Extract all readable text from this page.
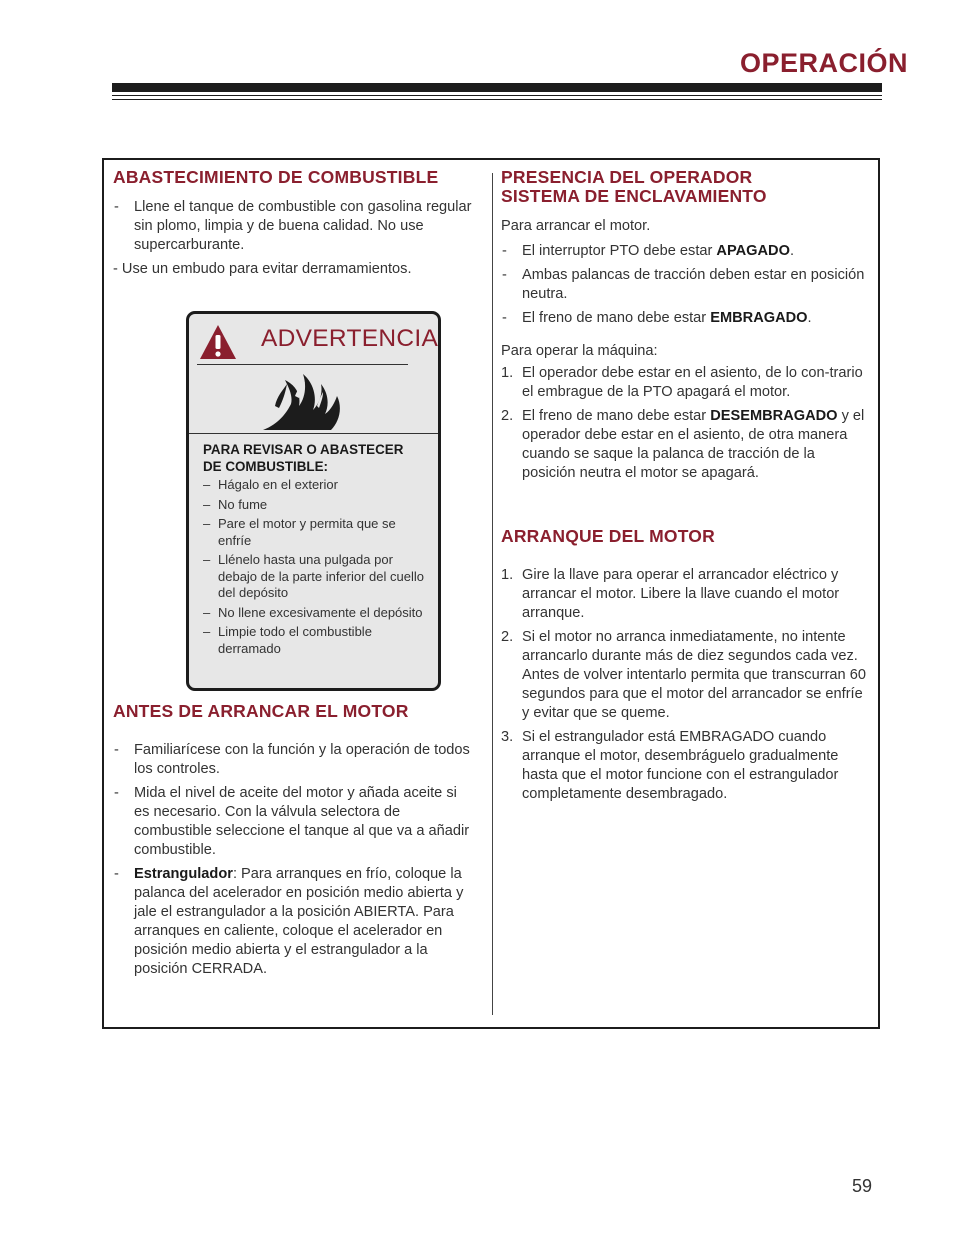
OPERACIÓN
ABASTECIMIENTO DE COMBUSTIBLE
- Llene el tanque de combustible con gasolina regular sin plomo, limpia y de buena calidad. No use supercarburante.
- Use un embudo para evitar derramamientos.
ADVERTENCIA
PARA REVISAR O ABASTECER DE COMBUSTIBLE:
– Hágalo en el exterior
– No fume
– Pare el motor y permita que se enfríe
– Llénelo hasta una pulgada por debajo de la parte inferior del cuello del depósito
– No llene excesivamente el depósito
– Limpie todo el combustible derramado
ANTES DE ARRANCAR EL MOTOR
- Familiarícese con la función y la operación de todos los controles.
- Mida el nivel de aceite del motor y añada aceite si es necesario. Con la válvula selectora de combustible seleccione el tanque al que va a añadir combustible.
- Estrangulador: Para arranques en frío, coloque la palanca del acelerador en posición medio abierta y jale el estrangulador a la posición ABIERTA. Para arranques en caliente, coloque el acelerador en posición medio abierta y el estrangulador a la posición CERRADA.
PRESENCIA DEL OPERADOR
SISTEMA DE ENCLAVAMIENTO

Para arrancar el motor.

- El interruptor PTO debe estar APAGADO.
- Ambas palancas de tracción deben estar en posición neutra.
- El freno de mano debe estar EMBRAGADO.

Para operar la máquina:

1. El operador debe estar en el asiento, de lo con-trario el embrague de la PTO apagará el motor.
2. El freno de mano debe estar DESEMBRAGADO y el operador debe estar en el asiento, de otra manera cuando se saque la palanca de tracción de la posición neutra el motor se apagará.
ARRANQUE DEL MOTOR
1. Gire la llave para operar el arrancador eléctrico y arrancar el motor. Libere la llave cuando el motor arranque.
2. Si el motor no arranca inmediatamente, no intente arrancarlo durante más de diez segundos cada vez. Antes de volver intentarlo permita que transcurran 60 segundos para que el motor del arrancador se enfríe y evitar que se queme.
3. Si el estrangulador está EMBRAGADO cuando arranque el motor, desembráguelo gradualmente hasta que el motor funcione con el estrangulador completamente desembragado.
59
